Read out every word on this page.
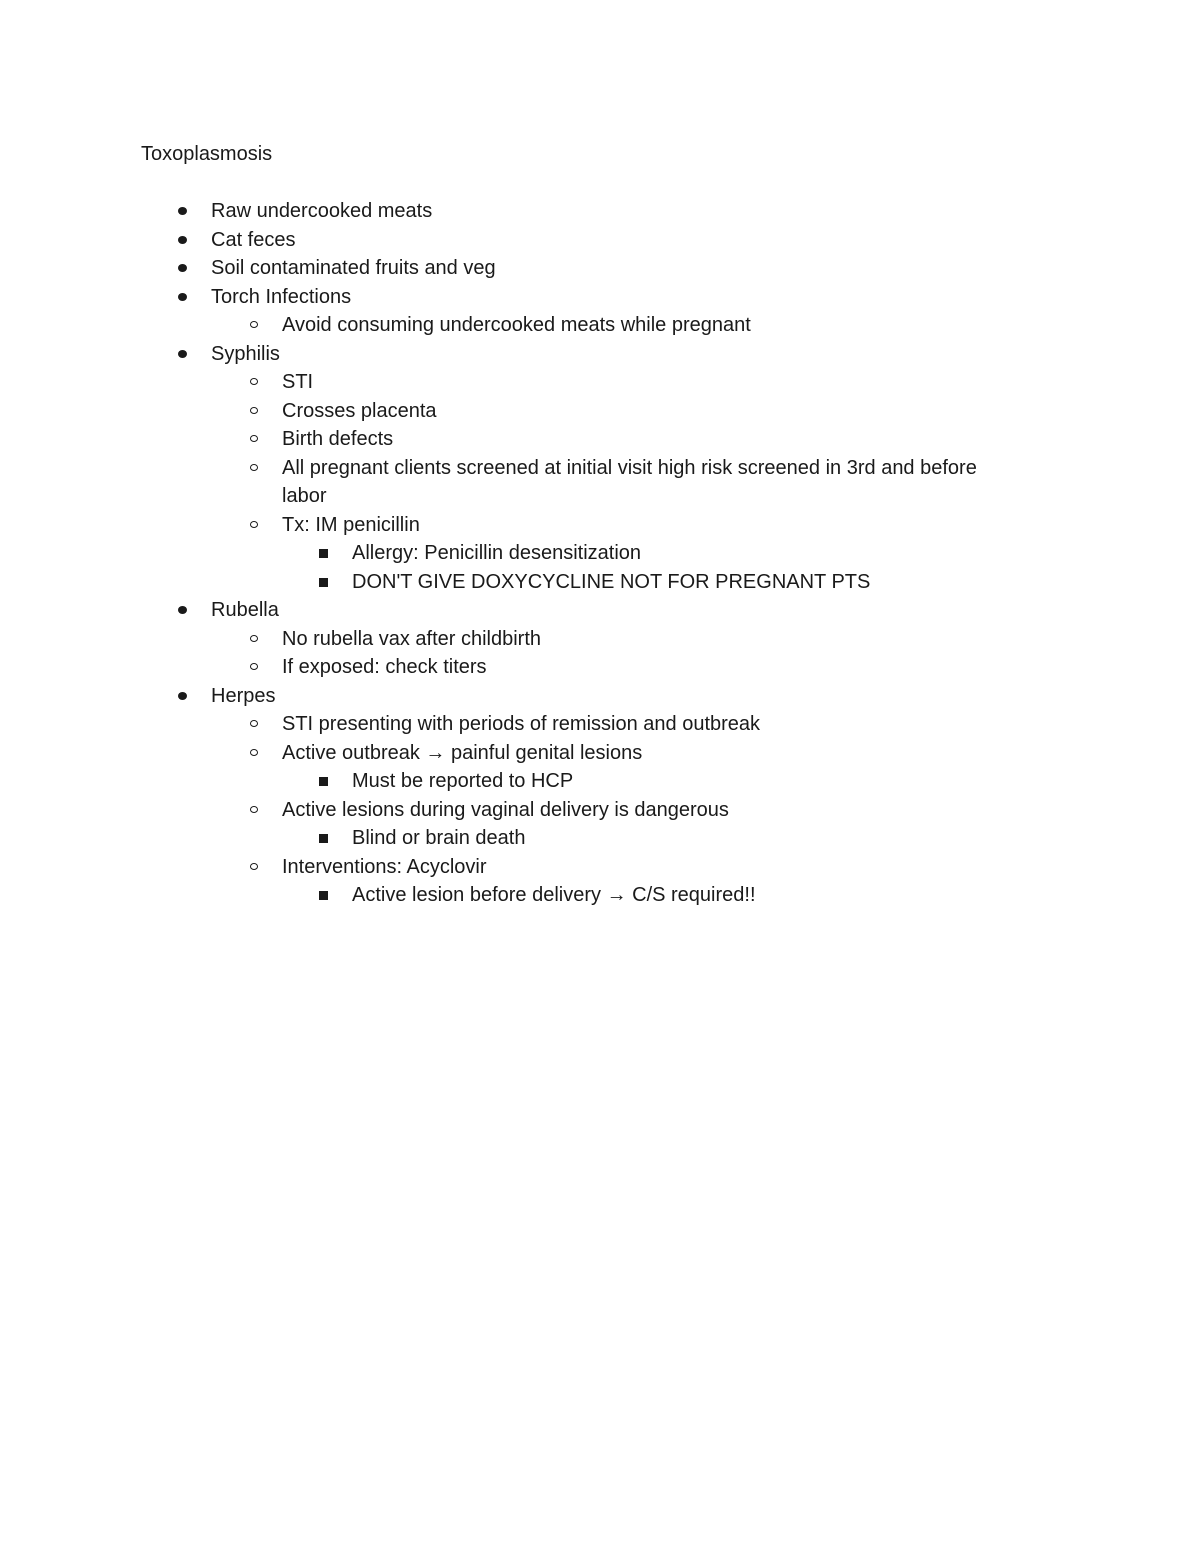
Toxoplasmosis
Raw undercooked meats
Cat feces
Soil contaminated fruits and veg
Torch Infections
Avoid consuming undercooked meats while pregnant
Syphilis
STI
Crosses placenta
Birth defects
All pregnant clients screened at initial visit high risk screened in 3rd and before
labor
Tx: IM penicillin
Allergy: Penicillin desensitization
DON'T GIVE DOXYCYCLINE NOT FOR PREGNANT PTS
Rubella
No rubella vax after childbirth
If exposed: check titers
Herpes
STI presenting with periods of remission and outbreak
Active outbreak → painful genital lesions
Must be reported to HCP
Active lesions during vaginal delivery is dangerous
Blind or brain death
Interventions: Acyclovir
Active lesion before delivery → C/S required!!
